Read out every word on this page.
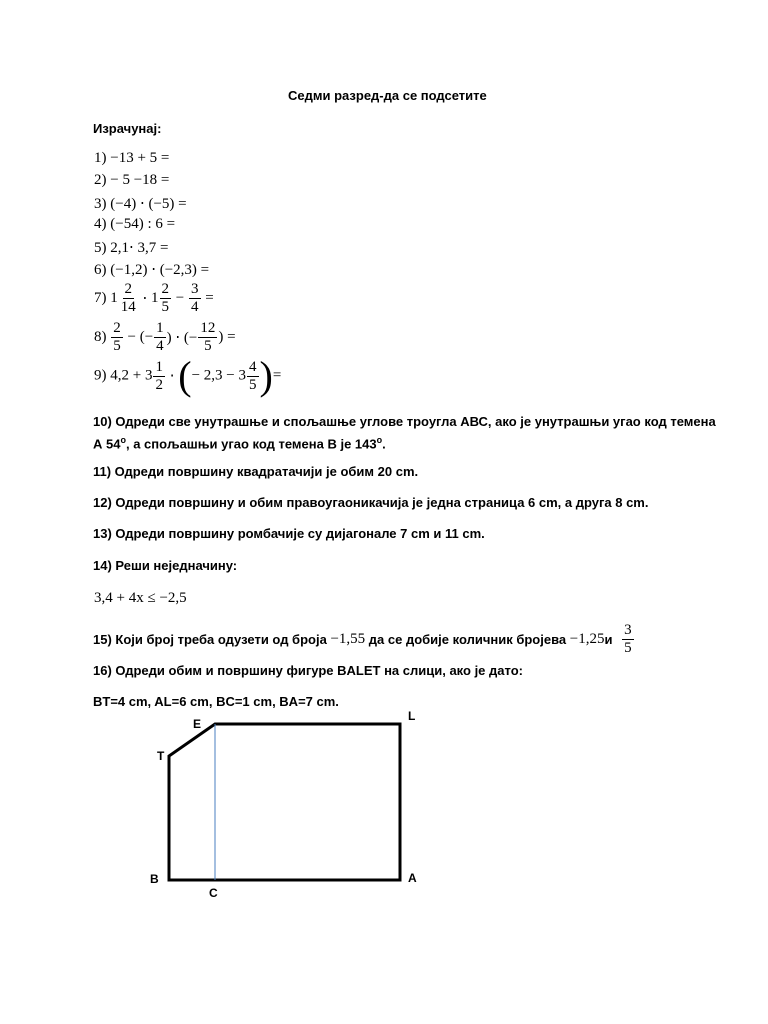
Седми разред-да се подсетите
Израчунај:
1) −13 + 5 =
2) − 5 −18 =
3) (−4) ⋅ (−5) =
4) (−54) : 6 =
5) 2,1⋅ 3,7 =
6) (−1,2) ⋅ (−2,3) =
7) $1 \frac{2}{14} \cdot 1 \frac{2}{5} - \frac{3}{4}$ =
$8) \frac{2}{5}$ − (− $\frac{1}{4}$ ) ⋅ (− $\frac{12}{5}$ ) =
9) $4,2 + 3 \frac{1}{2}$ ⋅ (− $2,3 - 3 \frac{4}{5}$ )=
10) Одреди све унутрашње и спољашње углове троугла АВС, ако је унутрашњи угао код темена
А 54$^o$, а спољашњи угао код темена В је 143$^o$.
11) Одреди површину квадратачији је обим 20 cm.
12) Одреди површину и обим правоугаоникачија је једна страница 6 cm, а друга 8 cm.
13) Одреди површину ромбачије су дијагонале 7 cm и 11 cm.
14) Реши неједначину:
3,4 + 4x ≤ −2,5
15) Који број треба одузети од броја −1,55 да се добије количник бројева $-1,25и \frac{3}{5}$
16) Одреди обим и површину фигуре BALET на слици, ако је дато:
BT=4 cm, AL=6 cm, BC=1 cm, BA=7 cm.
E
L
T
B
C
A
